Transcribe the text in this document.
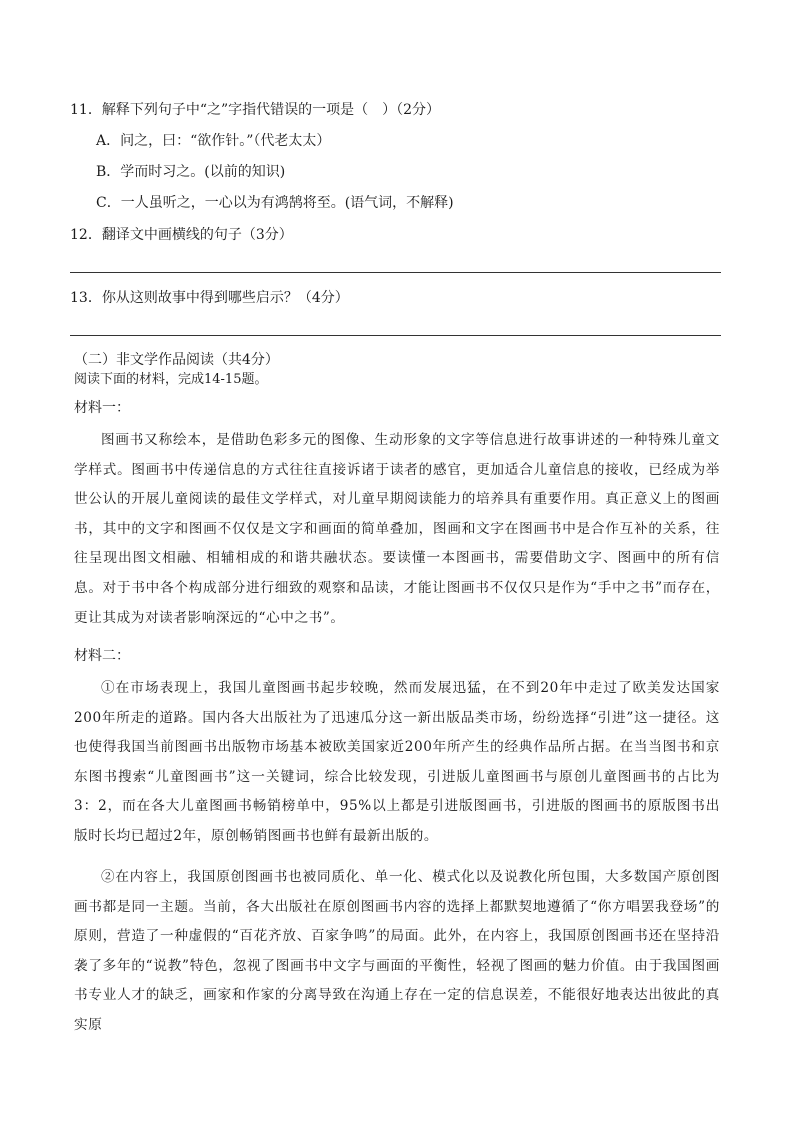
11．解释下列句子中“之”字指代错误的一项是（　）（2分）
A．问之，曰：“欲作针。”（代老太太）
B．学而时习之。(以前的知识)
C．一人虽听之，一心以为有鸿鹄将至。(语气词，不解释)
12．翻译文中画横线的句子（3分）
13．你从这则故事中得到哪些启示？（4分）
（二）非文学作品阅读（共4分）
阅读下面的材料，完成14-15题。
材料一：
图画书又称绘本，是借助色彩多元的图像、生动形象的文字等信息进行故事讲述的一种特殊儿童文学样式。图画书中传递信息的方式往往直接诉诸于读者的感官，更加适合儿童信息的接收，已经成为举世公认的开展儿童阅读的最佳文学样式，对儿童早期阅读能力的培养具有重要作用。真正意义上的图画书，其中的文字和图画不仅仅是文字和画面的简单叠加，图画和文字在图画书中是合作互补的关系，往往呈现出图文相融、相辅相成的和谐共融状态。要读懂一本图画书，需要借助文字、图画中的所有信息。对于书中各个构成部分进行细致的观察和品读，才能让图画书不仅仅只是作为“手中之书”而存在，更让其成为对读者影响深远的“心中之书”。
材料二：
①在市场表现上，我国儿童图画书起步较晚，然而发展迅猛，在不到20年中走过了欧美发达国家200年所走的道路。国内各大出版社为了迅速瓜分这一新出版品类市场，纷纷选择“引进”这一捷径。这也使得我国当前图画书出版物市场基本被欧美国家近200年所产生的经典作品所占据。在当当图书和京东图书搜索“儿童图画书”这一关键词，综合比较发现，引进版儿童图画书与原创儿童图画书的占比为3：2，而在各大儿童图画书畅销榜单中，95%以上都是引进版图画书，引进版的图画书的原版图书出版时长均已超过2年，原创畅销图画书也鲜有最新出版的。
②在内容上，我国原创图画书也被同质化、单一化、模式化以及说教化所包围，大多数国产原创图画书都是同一主题。当前，各大出版社在原创图画书内容的选择上都默契地遵循了“你方唱罢我登场”的原则，营造了一种虚假的“百花齐放、百家争鸣”的局面。此外，在内容上，我国原创图画书还在坚持沿袭了多年的“说教”特色，忽视了图画书中文字与画面的平衡性，轻视了图画的魅力价值。由于我国图画书专业人才的缺乏，画家和作家的分离导致在沟通上存在一定的信息误差，不能很好地表达出彼此的真实原
